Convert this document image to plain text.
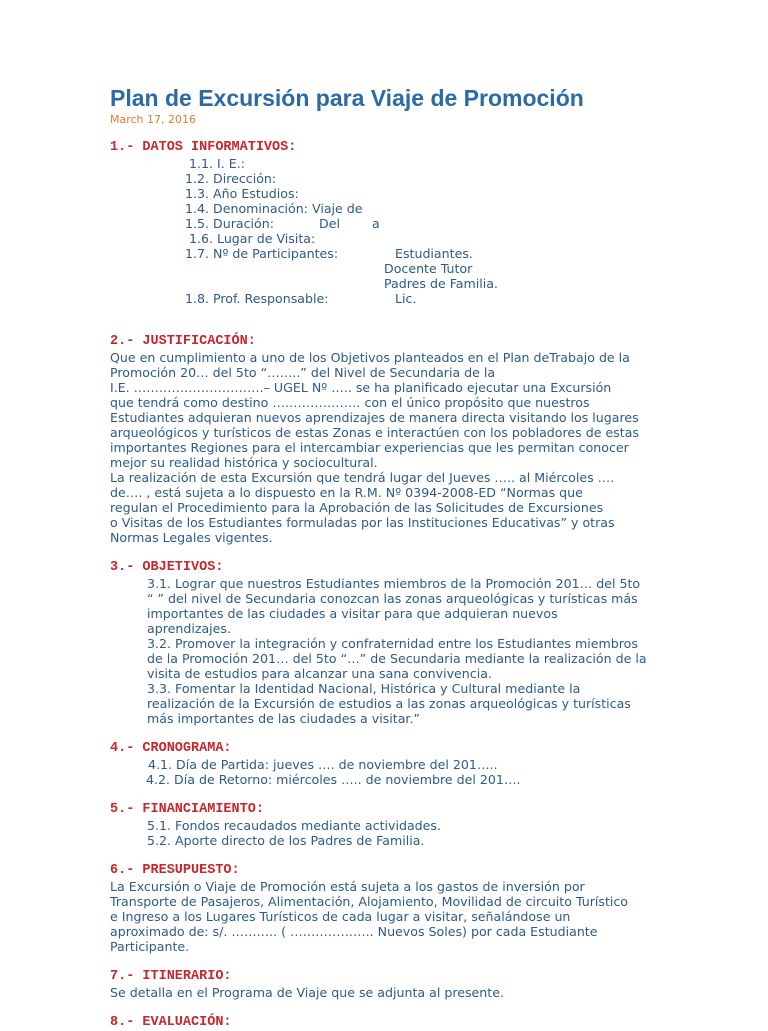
Plan de Excursión para Viaje de Promoción
March 17, 2016
1.- DATOS INFORMATIVOS:
1.1. I. E.:
1.2. Dirección:
1.3. Año Estudios:
1.4. Denominación: Viaje de
1.5. Duración:	Del        a
1.6. Lugar de Visita:
1.7. Nº de Participantes:	Estudiantes.
Docente Tutor
Padres de Familia.
1.8. Prof. Responsable:	Lic.
2.- JUSTIFICACIÓN:
Que en cumplimiento a uno de los Objetivos planteados en el Plan deTrabajo de la
Promoción 20… del 5to “……..” del Nivel de Secundaria de la
I.E. ………………………….– UGEL Nº ….. se ha planificado ejecutar una Excursión
que tendrá como destino ………………… con el único propósito que nuestros
Estudiantes adquieran nuevos aprendizajes de manera directa visitando los lugares
arqueológicos y turísticos de estas Zonas e interactúen con los pobladores de estas
importantes Regiones para el intercambiar experiencias que les permitan conocer
mejor su realidad histórica y sociocultural.
La realización de esta Excursión que tendrá lugar del Jueves ….. al Miércoles ….
de…. , está sujeta a lo dispuesto en la R.M. Nº 0394-2008-ED “Normas que
regulan el Procedimiento para la Aprobación de las Solicitudes de Excursiones
o Visitas de los Estudiantes formuladas por las Instituciones Educativas” y otras
Normas Legales vigentes.
3.- OBJETIVOS:
3.1. Lograr que nuestros Estudiantes miembros de la Promoción 201… del 5to
“ ” del nivel de Secundaria conozcan las zonas arqueológicas y turísticas más
importantes de las ciudades a visitar para que adquieran nuevos
aprendizajes.
3.2. Promover la integración y confraternidad entre los Estudiantes miembros
de la Promoción 201… del 5to “…” de Secundaria mediante la realización de la
visita de estudios para alcanzar una sana convivencia.
3.3. Fomentar la Identidad Nacional, Histórica y Cultural mediante la
realización de la Excursión de estudios a las zonas arqueológicas y turísticas
más importantes de las ciudades a visitar.”
4.- CRONOGRAMA:
4.1. Día de Partida: jueves …. de noviembre del 201…..
4.2. Día de Retorno: miércoles ….. de noviembre del 201….
5.- FINANCIAMIENTO:
5.1. Fondos recaudados mediante actividades.
5.2. Aporte directo de los Padres de Familia.
6.- PRESUPUESTO:
La Excursión o Viaje de Promoción está sujeta a los gastos de inversión por
Transporte de Pasajeros, Alimentación, Alojamiento, Movilidad de circuito Turístico
e Ingreso a los Lugares Turísticos de cada lugar a visitar, señalándose un
aproximado de: s/. ……….. ( ……………….. Nuevos Soles) por cada Estudiante
Participante.
7.- ITINERARIO:
Se detalla en el Programa de Viaje que se adjunta al presente.
8.- EVALUACIÓN:
